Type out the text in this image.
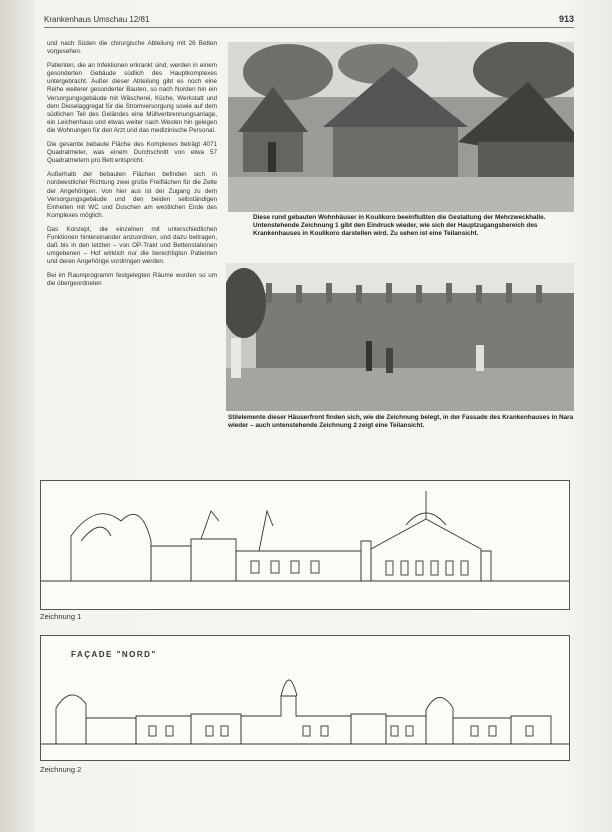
Krankenhaus Umschau 12/81	913

und nach Süden die chirurgische Abteilung mit 26 Betten vorgesehen.

Patienten, die an Infektionen erkrankt sind, werden in einem gesonderten Gebäude südlich des Hauptkomplexes untergebracht. Außer dieser Abteilung gibt es noch eine Reihe weiterer gesonderter Bauten, so nach Norden hin ein Versorgungsgebäude mit Wäscherei, Küche, Werkstatt und dem Dieselaggregat für die Stromversorgung sowie auf dem südlichen Teil des Geländes eine Müllverbrennungsanlage, ein Leichenhaus und etwas weiter nach Westen hin gelegen die Wohnungen für den Arzt und das medizinische Personal.

Die gesamte bebaute Fläche des Komplexes beträgt 4071 Quadratmeter, was einem Durchschnitt von etwa 57 Quadratmetern pro Bett entspricht.

Außerhalb der bebauten Flächen befinden sich in nordwestlicher Richtung zwei große Freiflächen für die Zelte der Angehörigen. Von hier aus ist der Zugang zu dem Versorgungsgebäude und den beiden selbständigen Einheiten mit WC und Duschen am westlichen Ende des Komplexes möglich.

Das Konzept, die einzelnen mit unterschiedlichen Funktionen hintereinander anzuordnen, und dazu beitragen, daß bis in den letzten – von OP-Trakt und Bettenstationen umgebenen – Hof wirklich nur die berechtigten Patienten und deren Angehörige vordringen werden.

Bei im Raumprogramm festgelegten Räume wurden so um die übergeordneten

Diese rund gebauten Wohnhäuser in Koulikoro beeinflußten die Gestaltung der Mehrzweckhalle. Untenstehende Zeichnung 1 gibt den Eindruck wieder, wie sich der Hauptzugangsbereich des Krankenhauses in Koulikoro darstellen wird. Zu sehen ist eine Teilansicht.
Stilelemente dieser Häuserfront finden sich, wie die Zeichnung belegt, in der Fassade des Krankenhauses in Nara wieder – auch untenstehende Zeichnung 2 zeigt eine Teilansicht.
Zeichnung 1
FAÇADE "NORD"
Zeichnung 2
